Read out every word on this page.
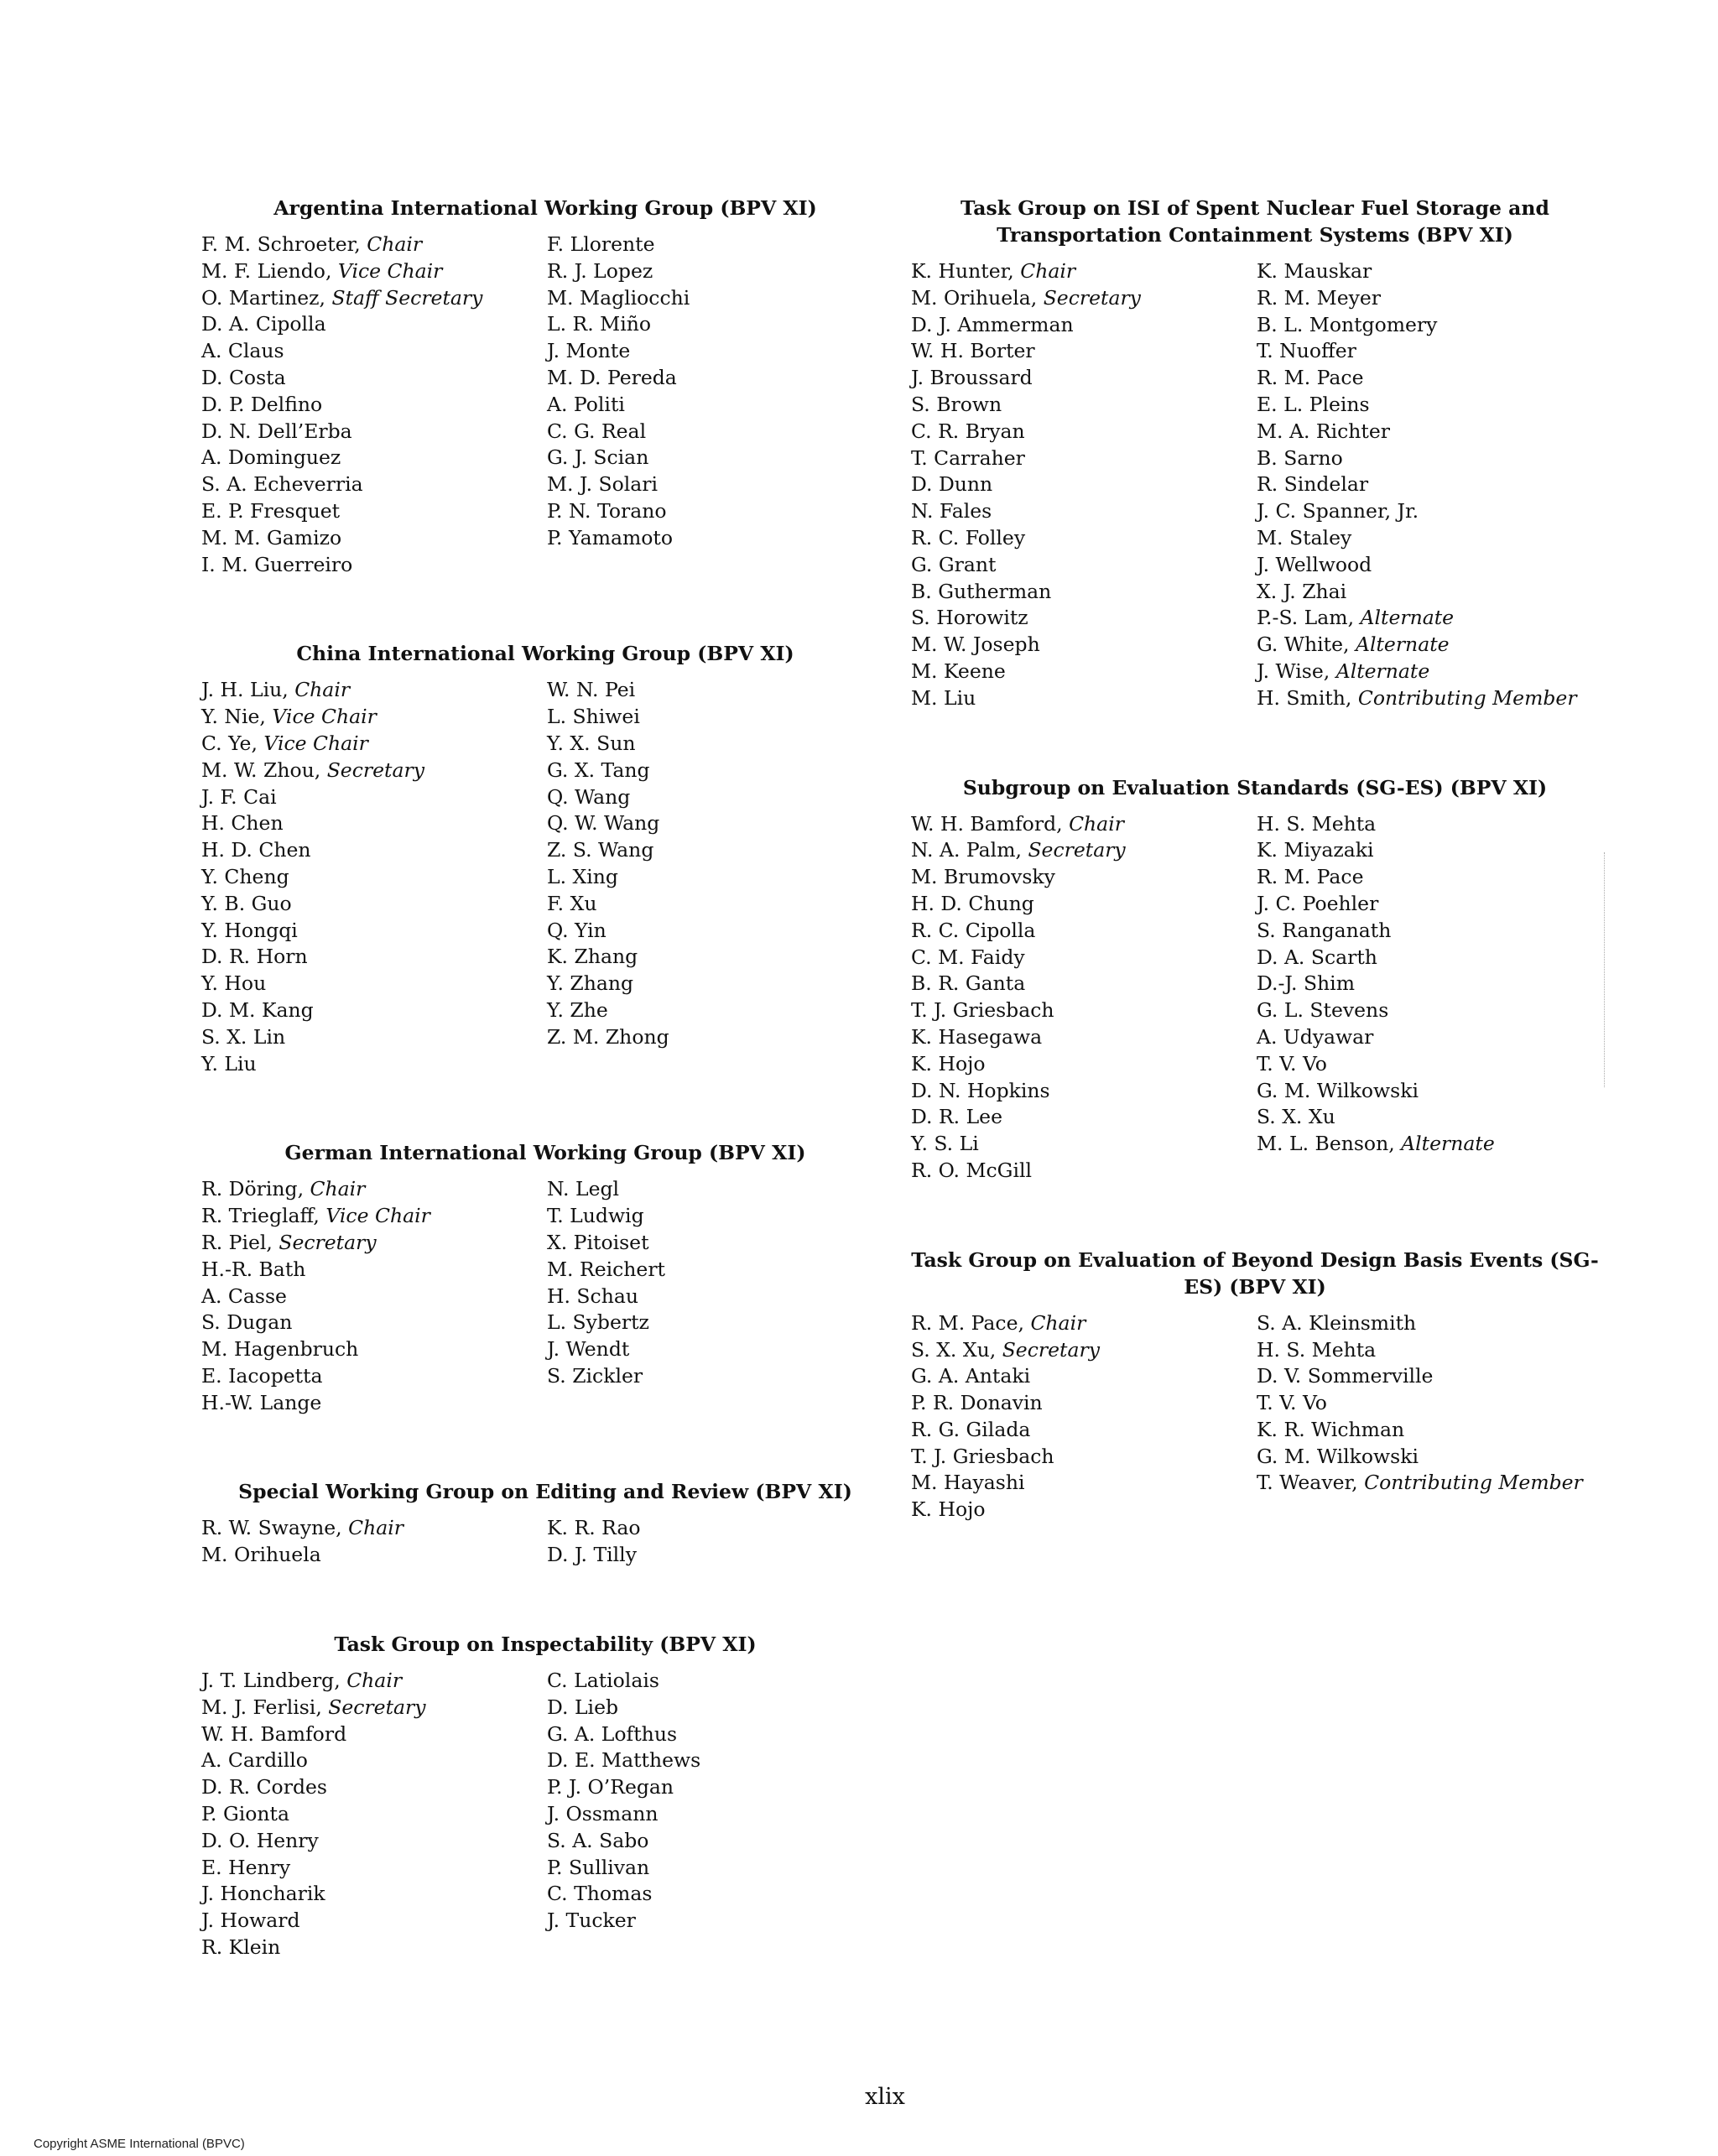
Argentina International Working Group (BPV XI)
F. M. Schroeter, Chair
M. F. Liendo, Vice Chair
O. Martinez, Staff Secretary
D. A. Cipolla
A. Claus
D. Costa
D. P. Delfino
D. N. Dell’Erba
A. Dominguez
S. A. Echeverria
E. P. Fresquet
M. M. Gamizo
I. M. Guerreiro
F. Llorente
R. J. Lopez
M. Magliocchi
L. R. Miño
J. Monte
M. D. Pereda
A. Politi
C. G. Real
G. J. Scian
M. J. Solari
P. N. Torano
P. Yamamoto
China International Working Group (BPV XI)
J. H. Liu, Chair
Y. Nie, Vice Chair
C. Ye, Vice Chair
M. W. Zhou, Secretary
J. F. Cai
H. Chen
H. D. Chen
Y. Cheng
Y. B. Guo
Y. Hongqi
D. R. Horn
Y. Hou
D. M. Kang
S. X. Lin
Y. Liu
W. N. Pei
L. Shiwei
Y. X. Sun
G. X. Tang
Q. Wang
Q. W. Wang
Z. S. Wang
L. Xing
F. Xu
Q. Yin
K. Zhang
Y. Zhang
Y. Zhe
Z. M. Zhong
German International Working Group (BPV XI)
R. Döring, Chair
R. Trieglaff, Vice Chair
R. Piel, Secretary
H.-R. Bath
A. Casse
S. Dugan
M. Hagenbruch
E. Iacopetta
H.-W. Lange
N. Legl
T. Ludwig
X. Pitoiset
M. Reichert
H. Schau
L. Sybertz
J. Wendt
S. Zickler
Special Working Group on Editing and Review (BPV XI)
R. W. Swayne, Chair
M. Orihuela
K. R. Rao
D. J. Tilly
Task Group on Inspectability (BPV XI)
J. T. Lindberg, Chair
M. J. Ferlisi, Secretary
W. H. Bamford
A. Cardillo
D. R. Cordes
P. Gionta
D. O. Henry
E. Henry
J. Honcharik
J. Howard
R. Klein
C. Latiolais
D. Lieb
G. A. Lofthus
D. E. Matthews
P. J. O’Regan
J. Ossmann
S. A. Sabo
P. Sullivan
C. Thomas
J. Tucker
Task Group on ISI of Spent Nuclear Fuel Storage and Transportation Containment Systems (BPV XI)
K. Hunter, Chair
M. Orihuela, Secretary
D. J. Ammerman
W. H. Borter
J. Broussard
S. Brown
C. R. Bryan
T. Carraher
D. Dunn
N. Fales
R. C. Folley
G. Grant
B. Gutherman
S. Horowitz
M. W. Joseph
M. Keene
M. Liu
K. Mauskar
R. M. Meyer
B. L. Montgomery
T. Nuoffer
R. M. Pace
E. L. Pleins
M. A. Richter
B. Sarno
R. Sindelar
J. C. Spanner, Jr.
M. Staley
J. Wellwood
X. J. Zhai
P.-S. Lam, Alternate
G. White, Alternate
J. Wise, Alternate
H. Smith, Contributing Member
Subgroup on Evaluation Standards (SG-ES) (BPV XI)
W. H. Bamford, Chair
N. A. Palm, Secretary
M. Brumovsky
H. D. Chung
R. C. Cipolla
C. M. Faidy
B. R. Ganta
T. J. Griesbach
K. Hasegawa
K. Hojo
D. N. Hopkins
D. R. Lee
Y. S. Li
R. O. McGill
H. S. Mehta
K. Miyazaki
R. M. Pace
J. C. Poehler
S. Ranganath
D. A. Scarth
D.-J. Shim
G. L. Stevens
A. Udyawar
T. V. Vo
G. M. Wilkowski
S. X. Xu
M. L. Benson, Alternate
Task Group on Evaluation of Beyond Design Basis Events (SG-ES) (BPV XI)
R. M. Pace, Chair
S. X. Xu, Secretary
G. A. Antaki
P. R. Donavin
R. G. Gilada
T. J. Griesbach
M. Hayashi
K. Hojo
S. A. Kleinsmith
H. S. Mehta
D. V. Sommerville
T. V. Vo
K. R. Wichman
G. M. Wilkowski
T. Weaver, Contributing Member
xlix
Copyright ASME International (BPVC)
